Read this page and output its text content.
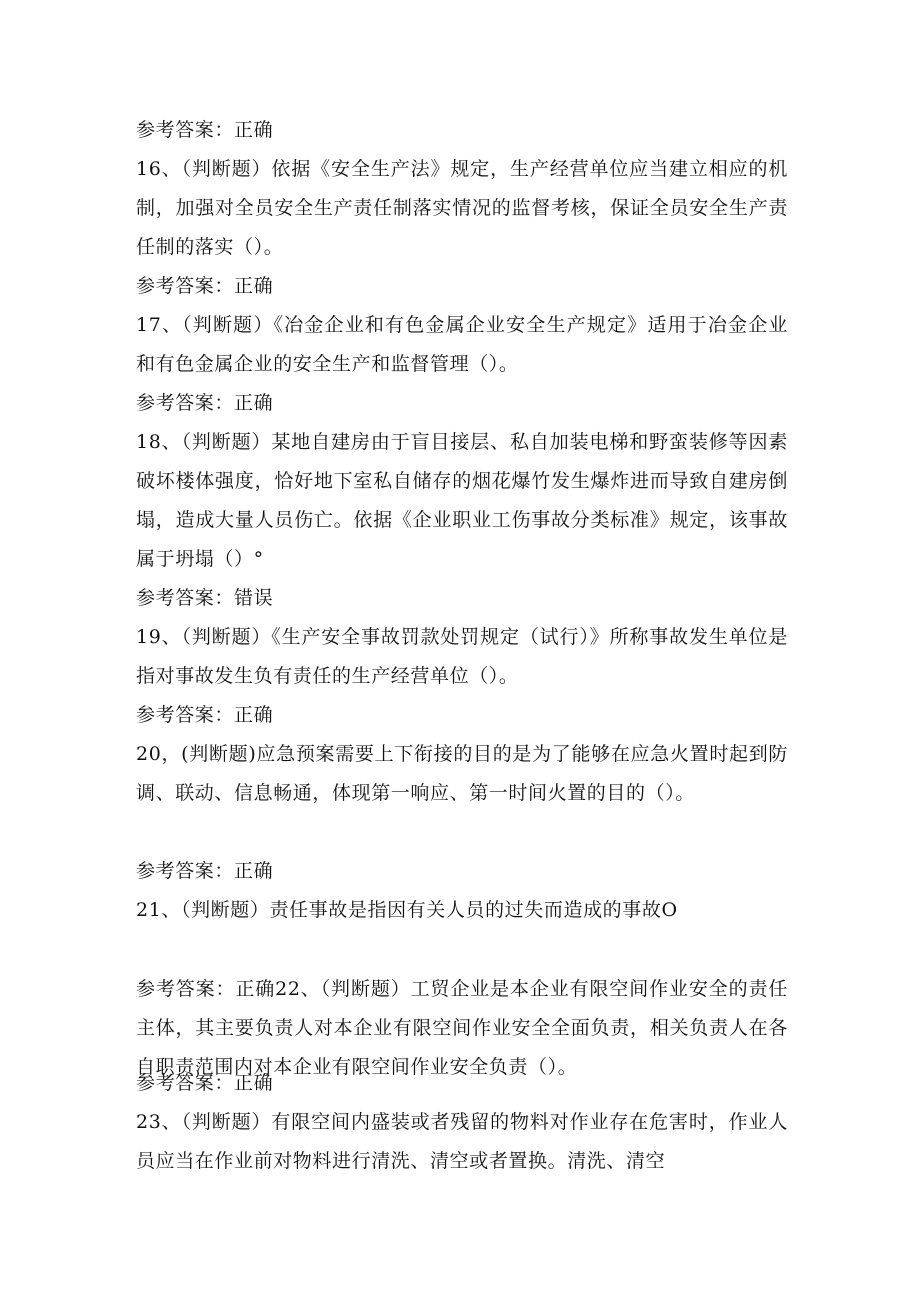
参考答案：正确
16、（判断题）依据《安全生产法》规定，生产经营单位应当建立相应的机制，加强对全员安全生产责任制落实情况的监督考核，保证全员安全生产责任制的落实（）。
参考答案：正确
17、（判断题）《冶金企业和有色金属企业安全生产规定》适用于冶金企业和有色金属企业的安全生产和监督管理（）。
参考答案：正确
18、（判断题）某地自建房由于盲目接层、私自加装电梯和野蛮装修等因素破坏楼体强度，恰好地下室私自储存的烟花爆竹发生爆炸进而导致自建房倒塌，造成大量人员伤亡。依据《企业职业工伤事故分类标准》规定，该事故属于坍塌（）°
参考答案：错误
19、（判断题）《生产安全事故罚款处罚规定（试行）》所称事故发生单位是指对事故发生负有责任的生产经营单位（）。
参考答案：正确
20，(判断题)应急预案需要上下衔接的目的是为了能够在应急火置时起到防调、联动、信息畅通，体现第一响应、第一时间火置的目的（）。
参考答案：正确
21、（判断题）责任事故是指因有关人员的过失而造成的事故O
参考答案：正确22、（判断题）工贸企业是本企业有限空间作业安全的责任主体，其主要负责人对本企业有限空间作业安全全面负责，相关负责人在各自职责范围内对本企业有限空间作业安全负责（）。
参考答案：正确
23、（判断题）有限空间内盛装或者残留的物料对作业存在危害时，作业人员应当在作业前对物料进行清洗、清空或者置换。清洗、清空
